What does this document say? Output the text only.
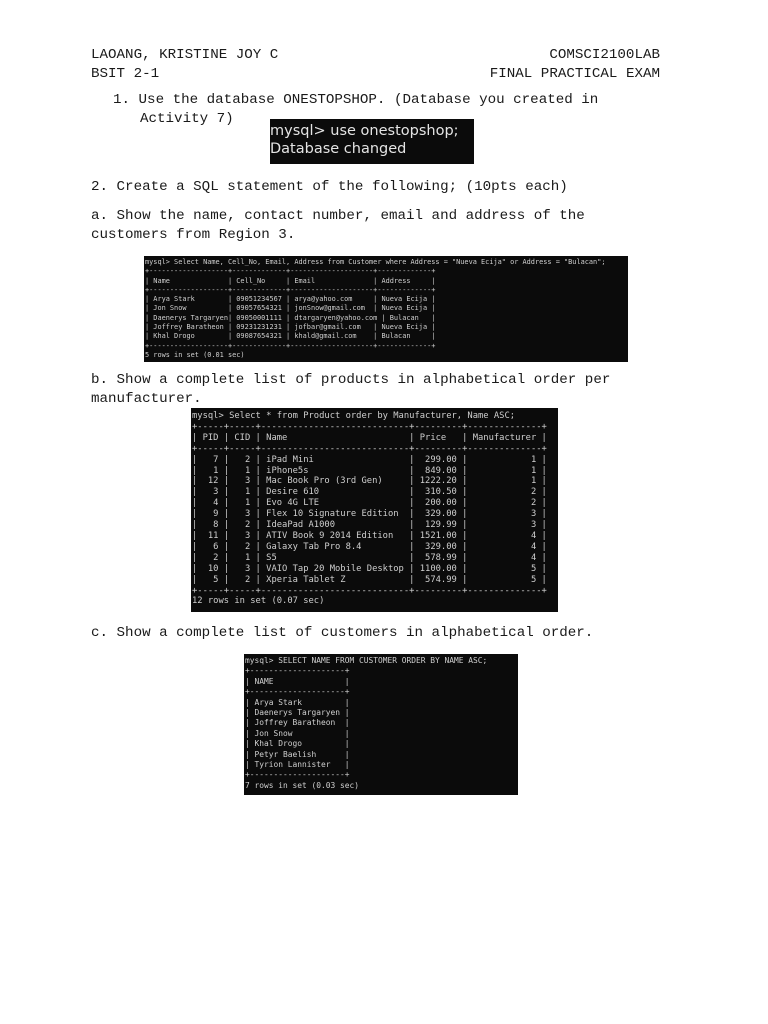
LAOANG, KRISTINE JOY C
BSIT 2-1
COMSCI2100LAB
FINAL PRACTICAL EXAM
1. Use the database ONESTOPSHOP. (Database you created in
Activity 7)
mysql> use onestopshop;
Database changed
2. Create a SQL statement of the following; (10pts each)
a. Show the name, contact number, email and address of the
customers from Region 3.
mysql> Select Name, Cell_No, Email, Address from Customer where Address = "Nueva Ecija" or Address = "Bulacan";
+-------------------+-------------+--------------------+-------------+
| Name              | Cell_No     | Email              | Address     |
+-------------------+-------------+--------------------+-------------+
| Arya Stark        | 09051234567 | arya@yahoo.com     | Nueva Ecija |
| Jon Snow          | 09057654321 | jonSnow@gmail.com  | Nueva Ecija |
| Daenerys Targaryen| 09050001111 | dtargaryen@yahoo.com | Bulacan   |
| Joffrey Baratheon | 09231231231 | jofbar@gmail.com   | Nueva Ecija |
| Khal Drogo        | 09087654321 | khald@gmail.com    | Bulacan     |
+-------------------+-------------+--------------------+-------------+
5 rows in set (0.01 sec)
b. Show a complete list of products in alphabetical order per
manufacturer.
mysql> Select * from Product order by Manufacturer, Name ASC;
+-----+-----+----------------------------+---------+--------------+
| PID | CID | Name                       | Price   | Manufacturer |
+-----+-----+----------------------------+---------+--------------+
|   7 |   2 | iPad Mini                  |  299.00 |            1 |
|   1 |   1 | iPhone5s                   |  849.00 |            1 |
|  12 |   3 | Mac Book Pro (3rd Gen)     | 1222.20 |            1 |
|   3 |   1 | Desire 610                 |  310.50 |            2 |
|   4 |   1 | Evo 4G LTE                 |  200.00 |            2 |
|   9 |   3 | Flex 10 Signature Edition  |  329.00 |            3 |
|   8 |   2 | IdeaPad A1000              |  129.99 |            3 |
|  11 |   3 | ATIV Book 9 2014 Edition   | 1521.00 |            4 |
|   6 |   2 | Galaxy Tab Pro 8.4         |  329.00 |            4 |
|   2 |   1 | S5                         |  578.99 |            4 |
|  10 |   3 | VAIO Tap 20 Mobile Desktop | 1100.00 |            5 |
|   5 |   2 | Xperia Tablet Z            |  574.99 |            5 |
+-----+-----+----------------------------+---------+--------------+
12 rows in set (0.07 sec)
c. Show a complete list of customers in alphabetical order.
mysql> SELECT NAME FROM CUSTOMER ORDER BY NAME ASC;
+--------------------+
| NAME               |
+--------------------+
| Arya Stark         |
| Daenerys Targaryen |
| Joffrey Baratheon  |
| Jon Snow           |
| Khal Drogo         |
| Petyr Baelish      |
| Tyrion Lannister   |
+--------------------+
7 rows in set (0.03 sec)
